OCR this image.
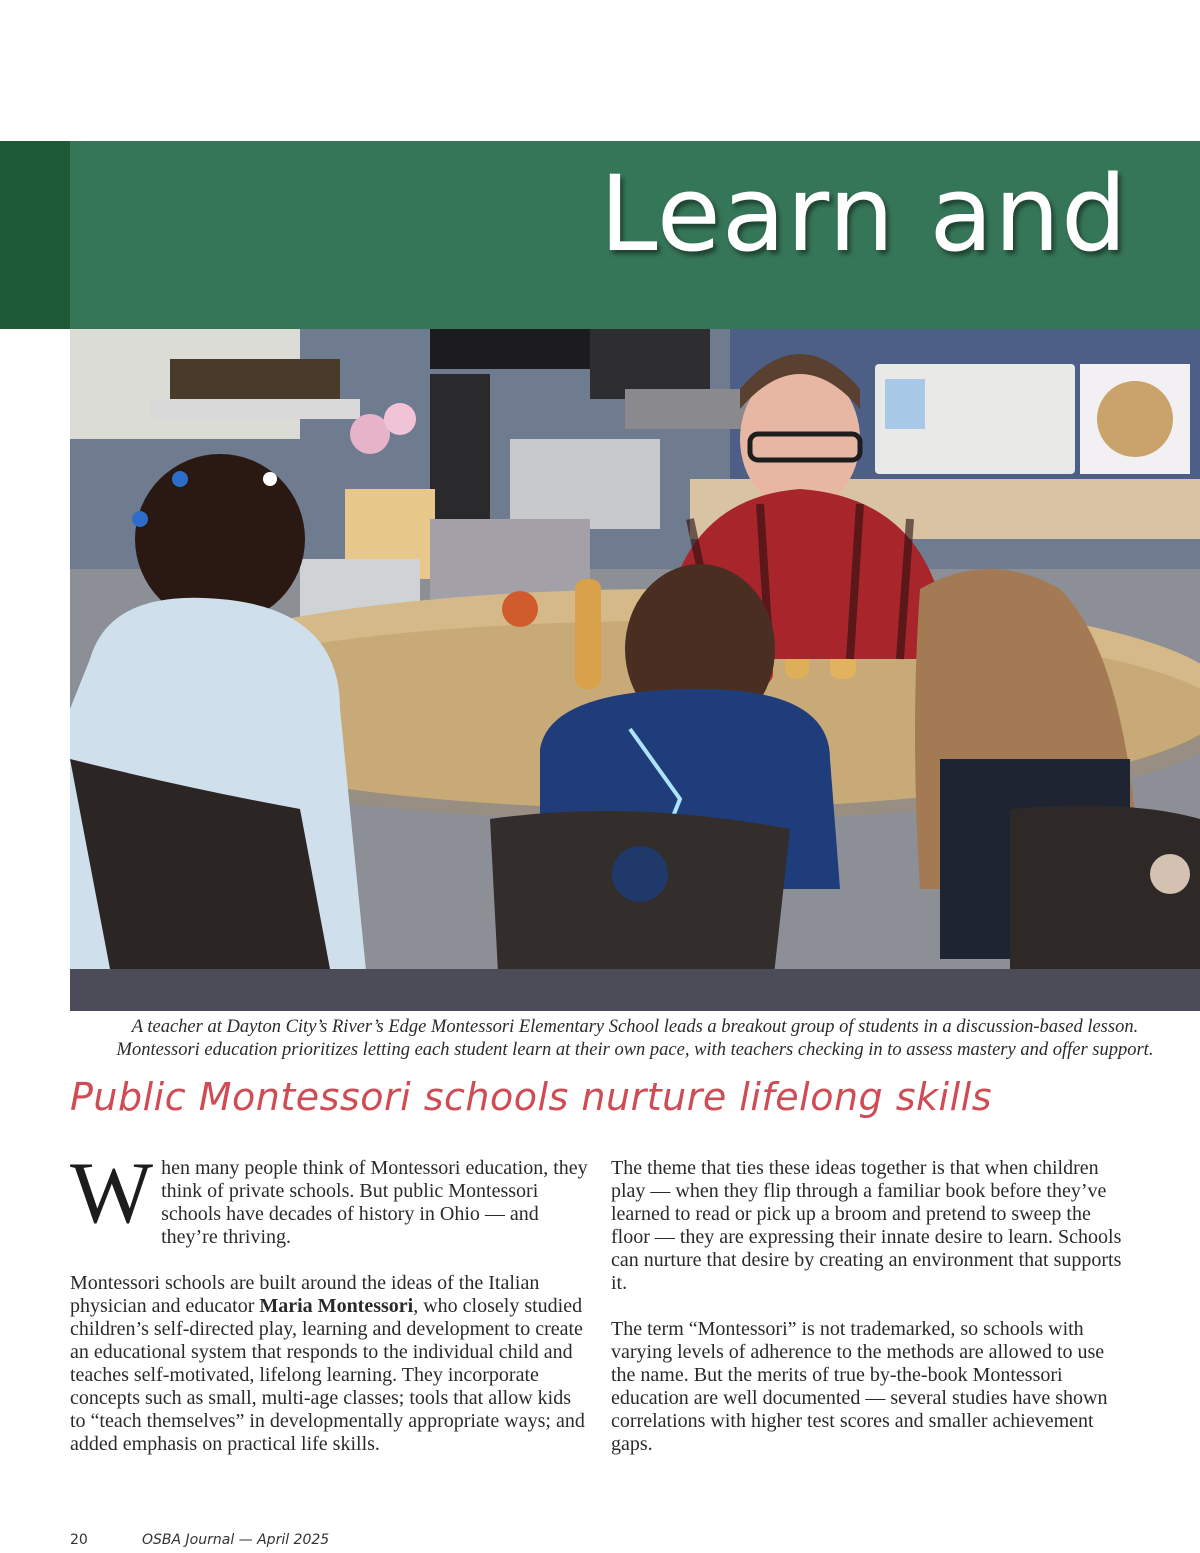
Learn and

A teacher at Dayton City’s River’s Edge Montessori Elementary School leads a breakout group of students in a discussion-based lesson.
Montessori education prioritizes letting each student learn at their own pace, with teachers checking in to assess mastery and offer support.

Public Montessori schools nurture lifelong skills

When many people think of Montessori education, they think of private schools. But public Montessori schools have decades of history in Ohio — and they’re thriving.

Montessori schools are built around the ideas of the Italian physician and educator Maria Montessori, who closely studied children’s self-directed play, learning and development to create an educational system that responds to the individual child and teaches self-motivated, lifelong learning. They incorporate concepts such as small, multi-age classes; tools that allow kids to “teach themselves” in developmentally appropriate ways; and added emphasis on practical life skills.

The theme that ties these ideas together is that when children play — when they flip through a familiar book before they’ve learned to read or pick up a broom and pretend to sweep the floor — they are expressing their innate desire to learn. Schools can nurture that desire by creating an environment that supports it.

The term “Montessori” is not trademarked, so schools with varying levels of adherence to the methods are allowed to use the name. But the merits of true by-the-book Montessori education are well documented — several studies have shown correlations with higher test scores and smaller achievement gaps.

20	OSBA Journal — April 2025
